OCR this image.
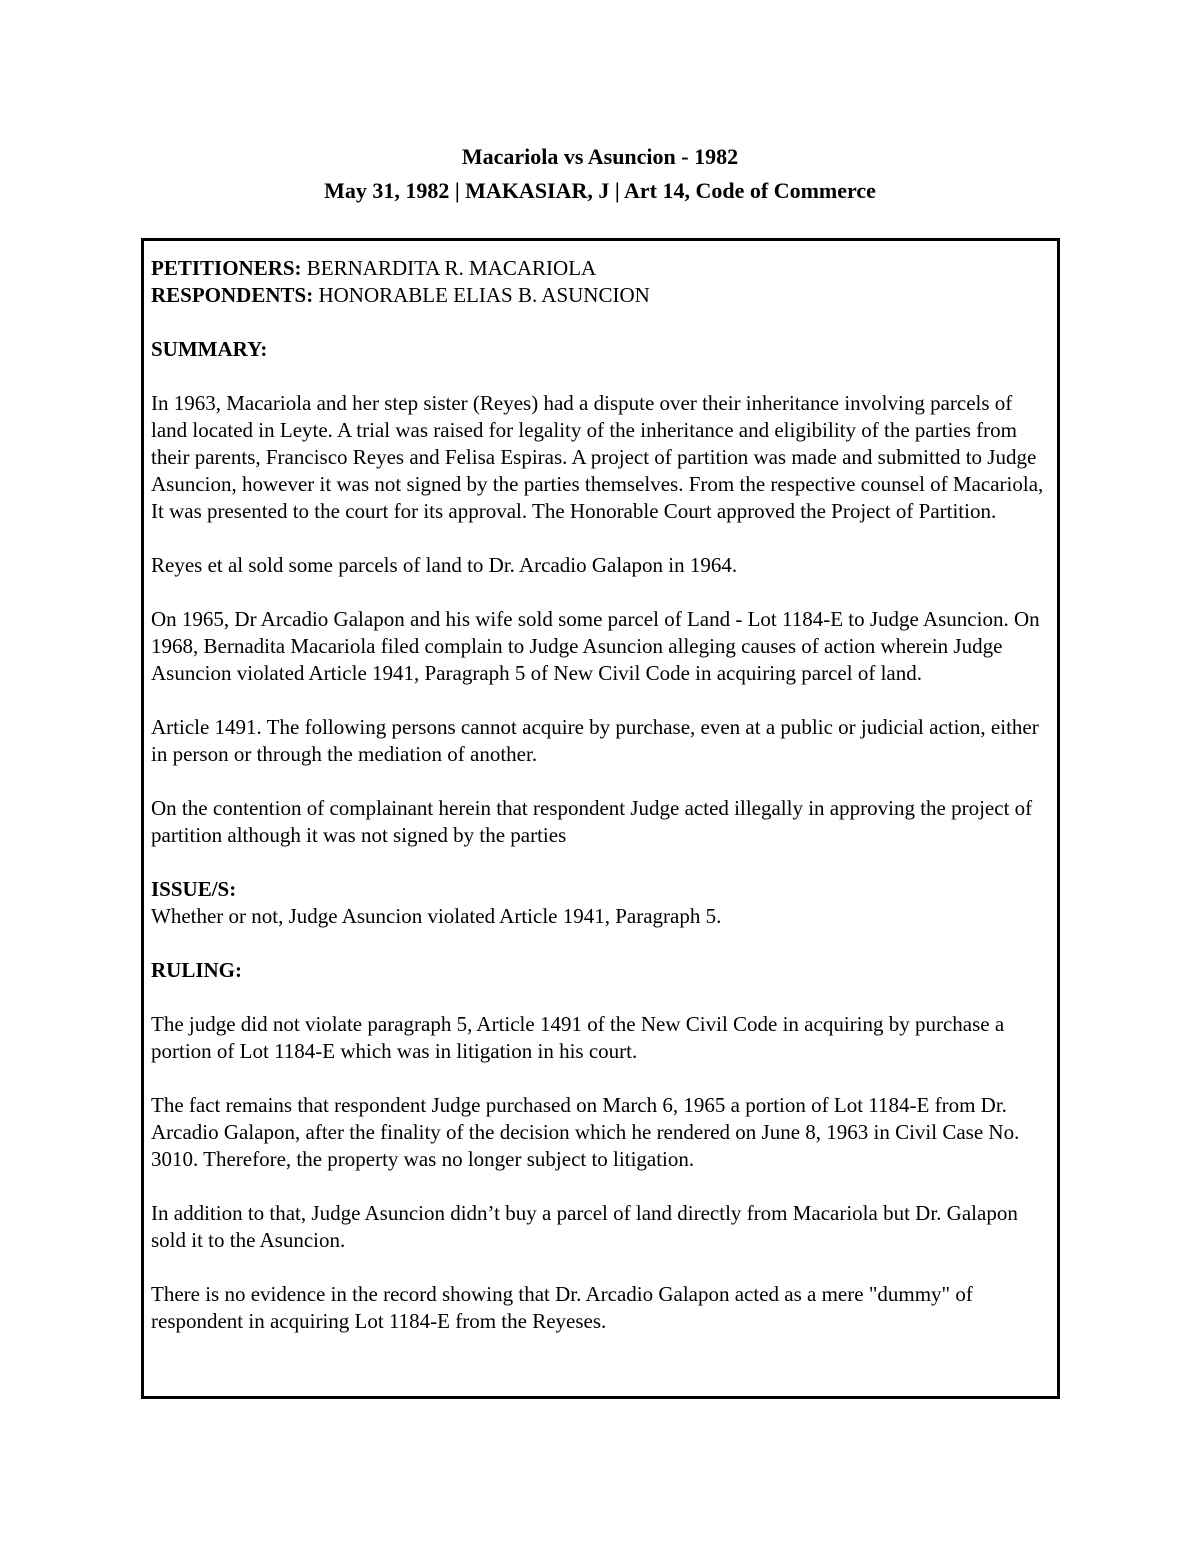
Macariola vs Asuncion - 1982
May 31, 1982 | MAKASIAR, J | Art 14, Code of Commerce

PETITIONERS: BERNARDITA R. MACARIOLA

RESPONDENTS: HONORABLE ELIAS B. ASUNCION

SUMMARY:

In 1963, Macariola and her step sister (Reyes) had a dispute over their inheritance involving parcels of land located in Leyte. A trial was raised for legality of the inheritance and eligibility of the parties from their parents, Francisco Reyes and Felisa Espiras. A project of partition was made and submitted to Judge Asuncion, however it was not signed by the parties themselves. From the respective counsel of Macariola, It was presented to the court for its approval. The Honorable Court approved the Project of Partition.

Reyes et al sold some parcels of land to Dr. Arcadio Galapon in 1964.

On 1965, Dr Arcadio Galapon and his wife sold some parcel of Land - Lot 1184-E to Judge Asuncion. On 1968, Bernadita Macariola filed complain to Judge Asuncion alleging causes of action wherein Judge Asuncion violated Article 1941, Paragraph 5 of New Civil Code in acquiring parcel of land.

Article 1491. The following persons cannot acquire by purchase, even at a public or judicial action, either in person or through the mediation of another.

On the contention of complainant herein that respondent Judge acted illegally in approving the project of partition although it was not signed by the parties

ISSUE/S:

Whether or not, Judge Asuncion violated Article 1941, Paragraph 5.

RULING:

The judge did not violate paragraph 5, Article 1491 of the New Civil Code in acquiring by purchase a portion of Lot 1184-E which was in litigation in his court.

The fact remains that respondent Judge purchased on March 6, 1965 a portion of Lot 1184-E from Dr. Arcadio Galapon, after the finality of the decision which he rendered on June 8, 1963 in Civil Case No. 3010. Therefore, the property was no longer subject to litigation.

In addition to that, Judge Asuncion didn’t buy a parcel of land directly from Macariola but Dr. Galapon sold it to the Asuncion.

There is no evidence in the record showing that Dr. Arcadio Galapon acted as a mere "dummy" of respondent in acquiring Lot 1184-E from the Reyeses.
